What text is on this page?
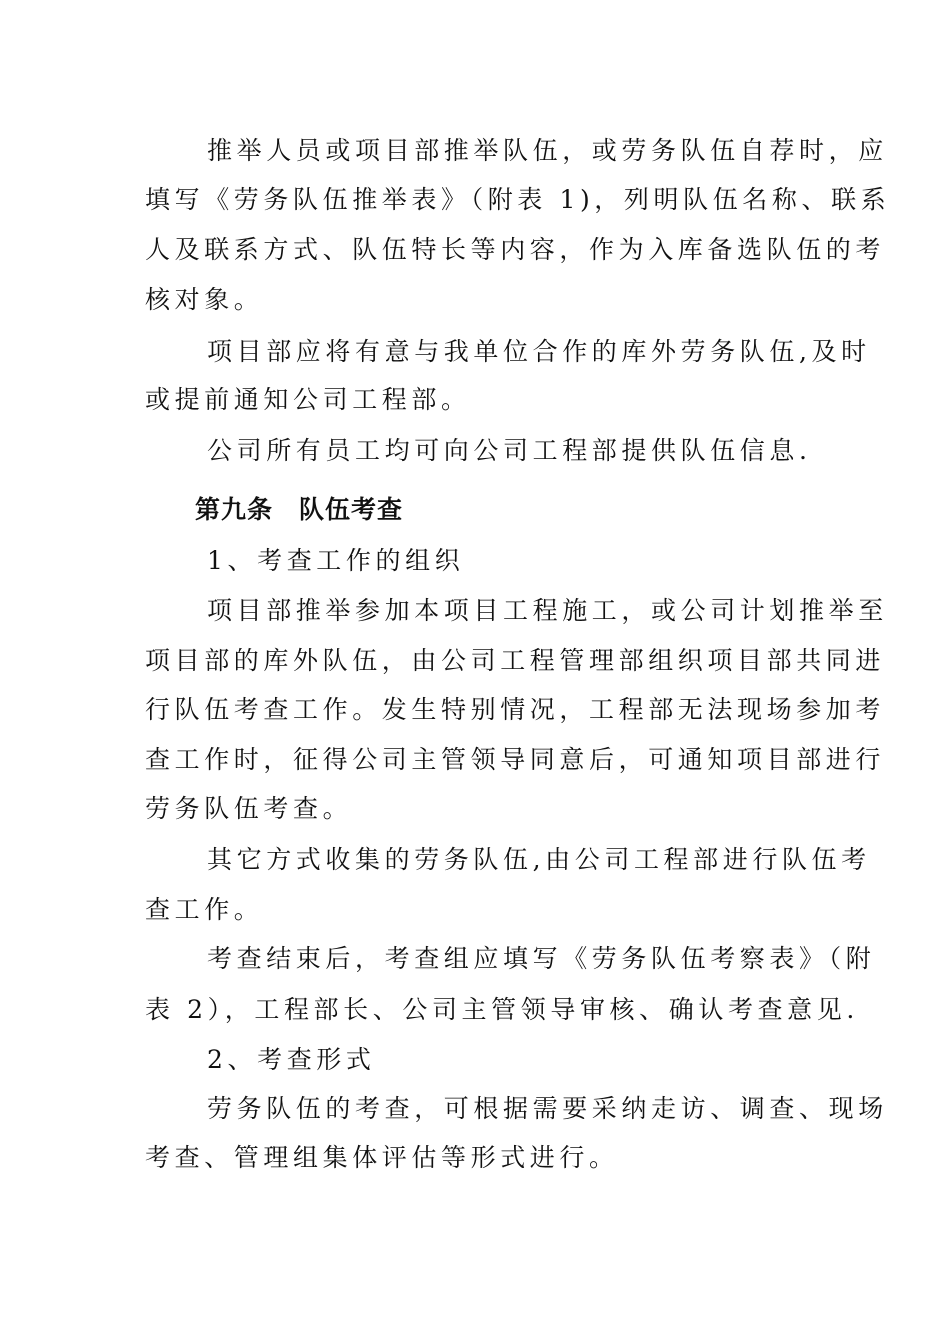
推举人员或项目部推举队伍，或劳务队伍自荐时，应
填写《劳务队伍推举表》（附表 1)，列明队伍名称、联系
人及联系方式、队伍特长等内容，作为入库备选队伍的考
核对象。
项目部应将有意与我单位合作的库外劳务队伍,及时
或提前通知公司工程部。
公司所有员工均可向公司工程部提供队伍信息.
第九条 队伍考查
1、考查工作的组织
项目部推举参加本项目工程施工，或公司计划推举至
项目部的库外队伍，由公司工程管理部组织项目部共同进
行队伍考查工作。发生特别情况，工程部无法现场参加考
查工作时，征得公司主管领导同意后，可通知项目部进行
劳务队伍考查。
其它方式收集的劳务队伍,由公司工程部进行队伍考
查工作。
考查结束后，考查组应填写《劳务队伍考察表》（附
表 2），工程部长、公司主管领导审核、确认考查意见.
2、考查形式
劳务队伍的考查，可根据需要采纳走访、调查、现场
考查、管理组集体评估等形式进行。
